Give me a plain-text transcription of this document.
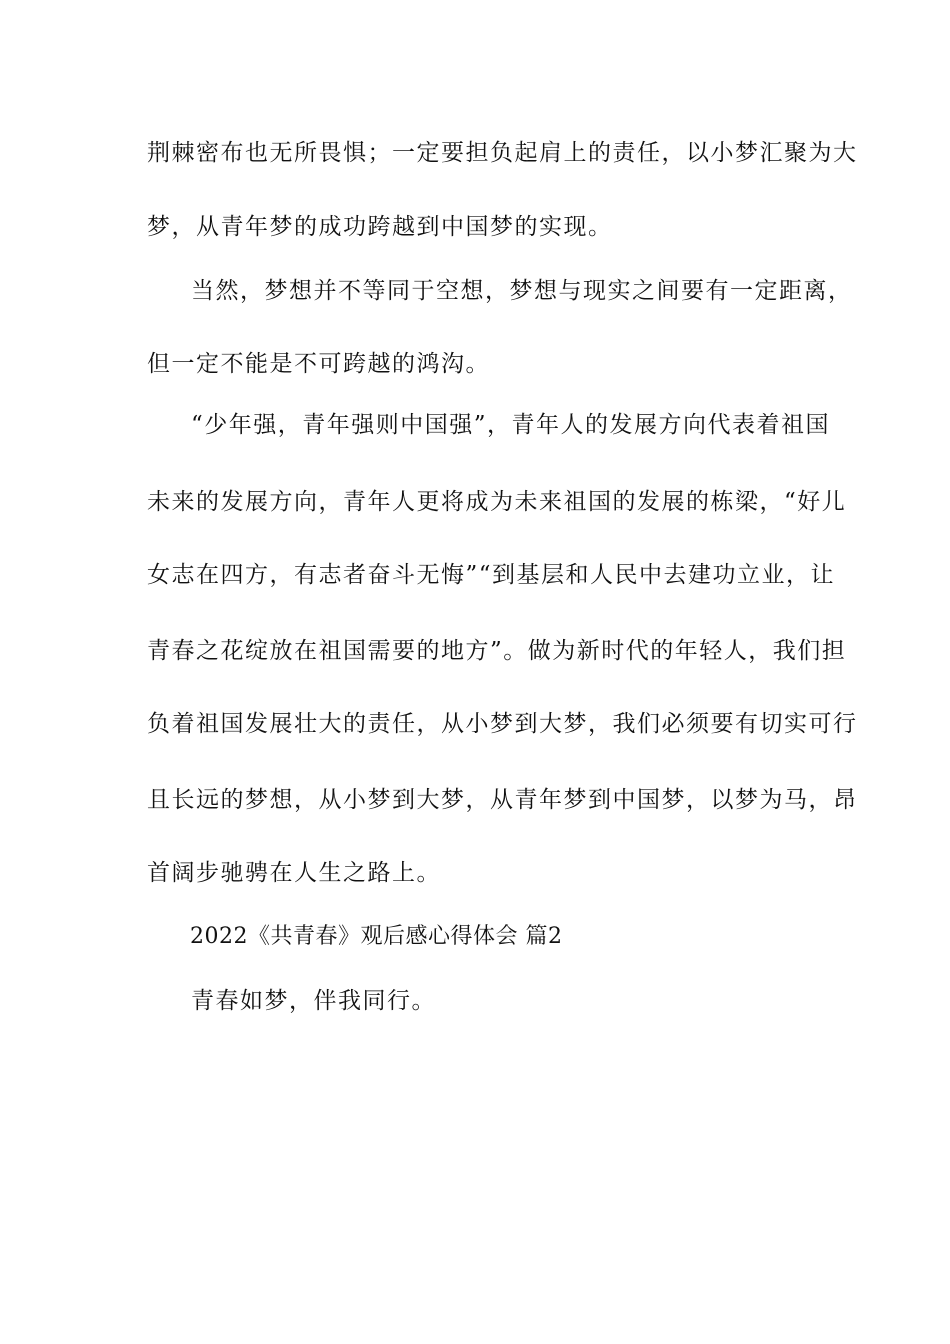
荆棘密布也无所畏惧；一定要担负起肩上的责任，以小梦汇聚为大
梦，从青年梦的成功跨越到中国梦的实现。
当然，梦想并不等同于空想，梦想与现实之间要有一定距离，
但一定不能是不可跨越的鸿沟。
“少年强，青年强则中国强”，青年人的发展方向代表着祖国
未来的发展方向，青年人更将成为未来祖国的发展的栋梁，“好儿
女志在四方，有志者奋斗无悔”“到基层和人民中去建功立业，让
青春之花绽放在祖国需要的地方”。做为新时代的年轻人，我们担
负着祖国发展壮大的责任，从小梦到大梦，我们必须要有切实可行
且长远的梦想，从小梦到大梦，从青年梦到中国梦，以梦为马，昂
首阔步驰骋在人生之路上。
2022《共青春》观后感心得体会 篇2
青春如梦，伴我同行。
